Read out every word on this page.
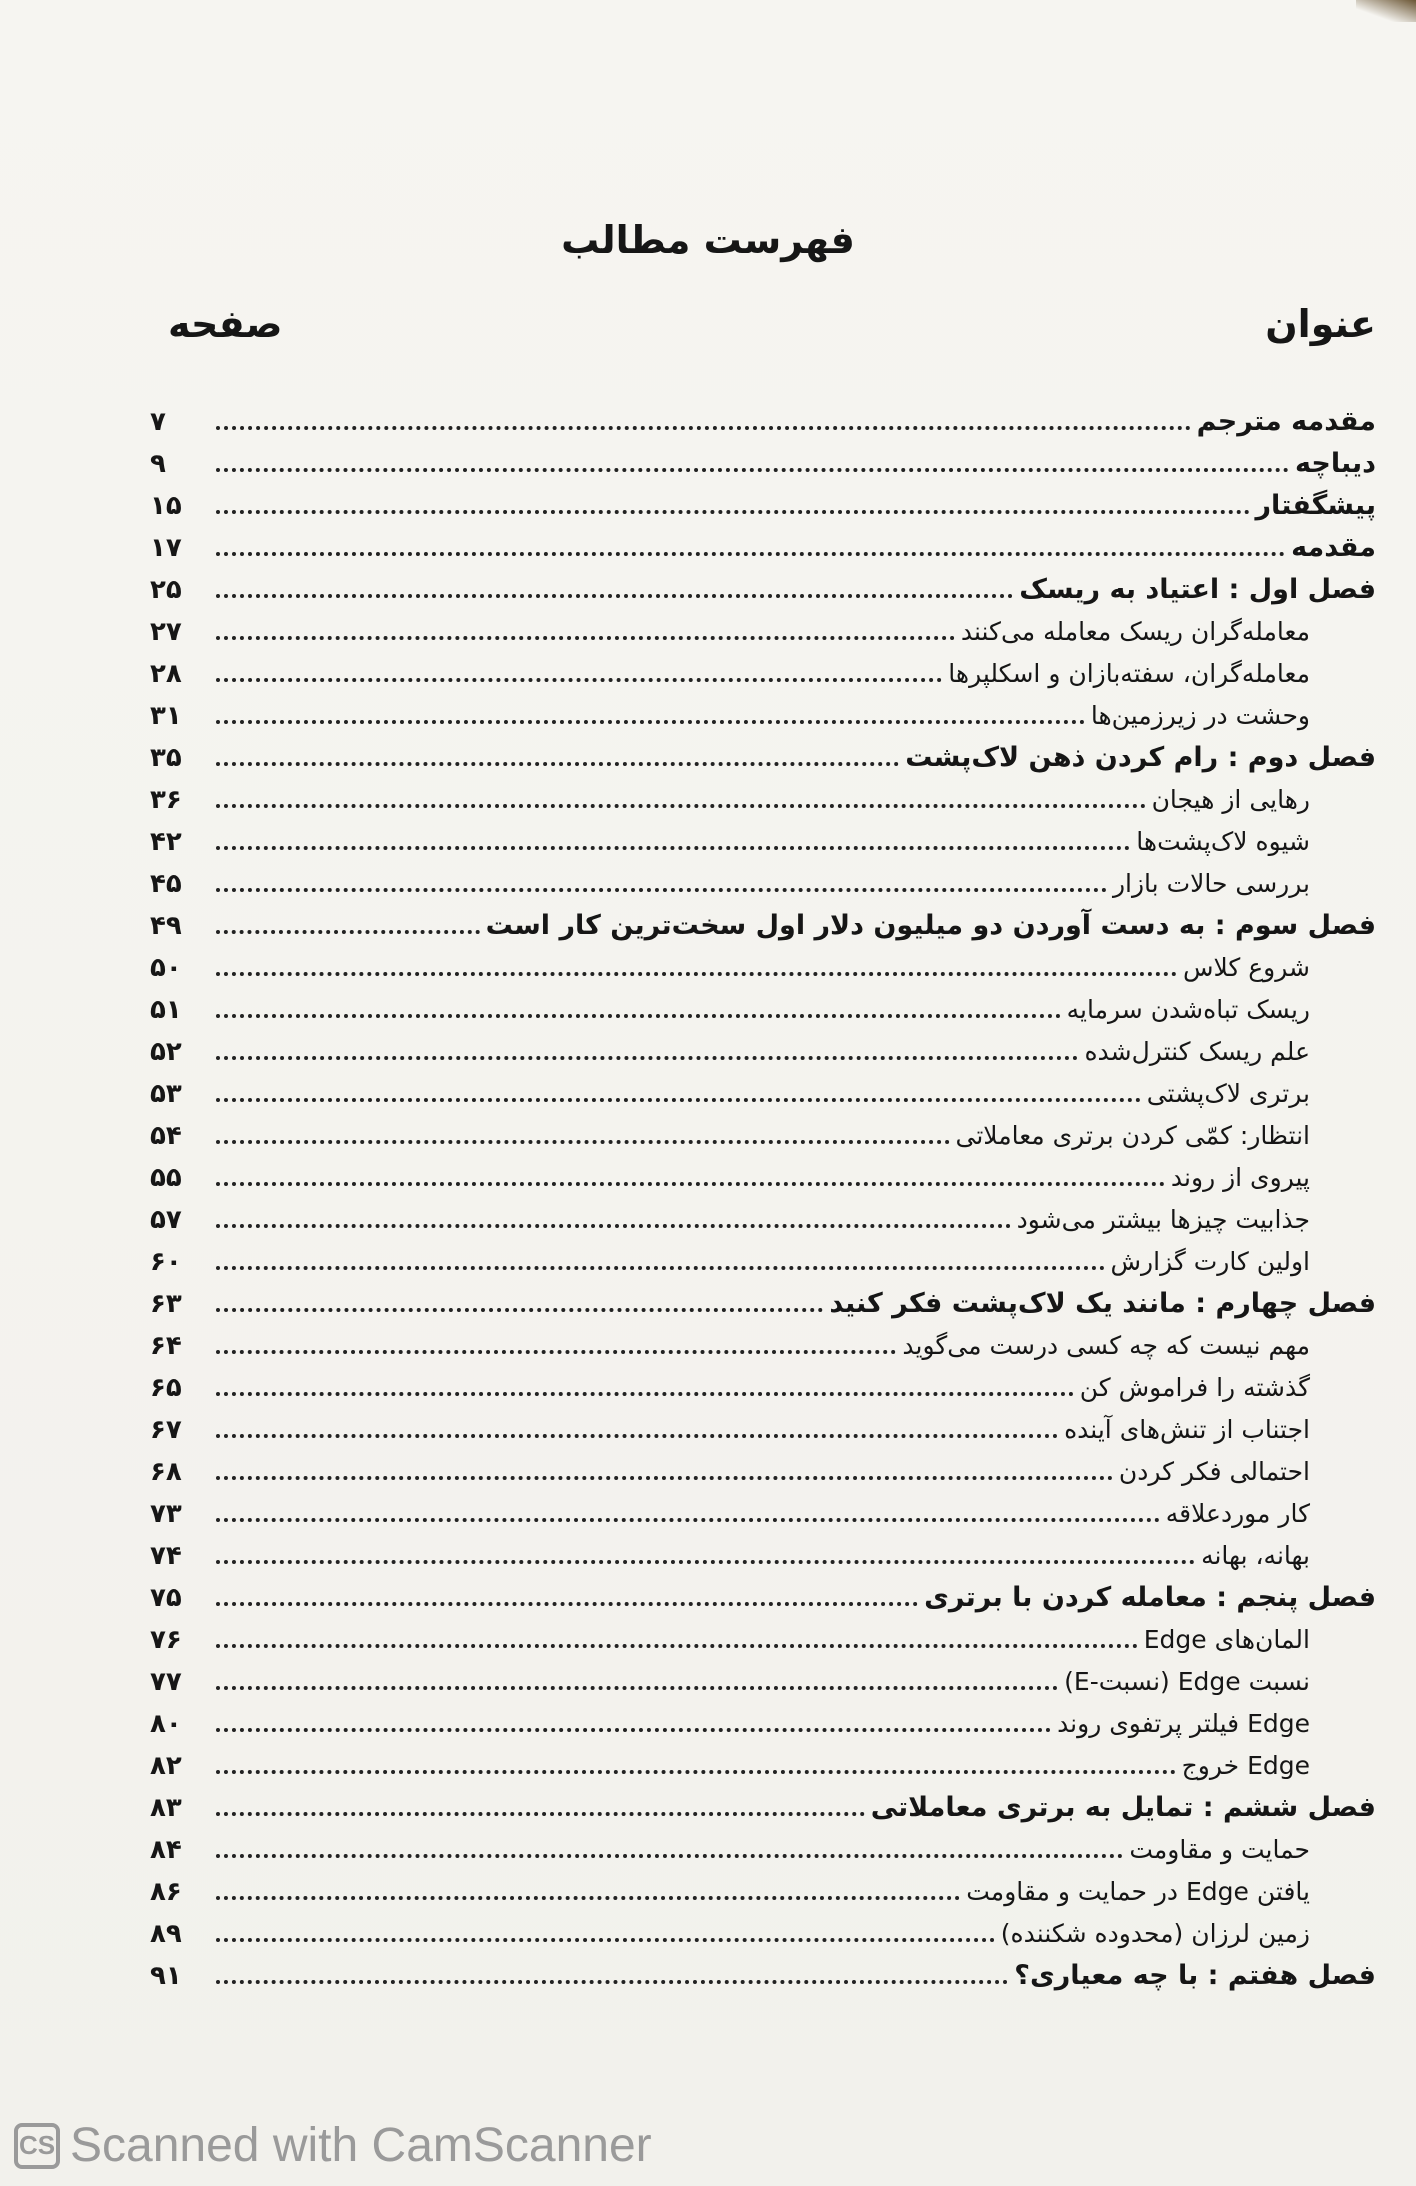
فهرست مطالب
عنوان
صفحه
مقدمه مترجم
۷
دیباچه
۹
پیشگفتار
۱۵
مقدمه
۱۷
فصل اول : اعتیاد به ریسک
۲۵
معامله‌گران ریسک معامله می‌کنند
۲۷
معامله‌گران، سفته‌بازان و اسکلپرها
۲۸
وحشت در زیرزمین‌ها
۳۱
فصل دوم : رام کردن ذهن لاک‌پشت
۳۵
رهایی از هیجان
۳۶
شیوه لاک‌پشت‌ها
۴۲
بررسی حالات بازار
۴۵
فصل سوم : به دست آوردن دو میلیون دلار اول سخت‌ترین کار است
۴۹
شروع کلاس
۵۰
ریسک تباه‌شدن سرمایه
۵۱
علم ریسک کنترل‌شده
۵۲
برتری لاک‌پشتی
۵۳
انتظار: کمّی کردن برتری معاملاتی
۵۴
پیروی از روند
۵۵
جذابیت چیزها بیشتر می‌شود
۵۷
اولین کارت گزارش
۶۰
فصل چهارم : مانند یک لاک‌پشت فکر کنید
۶۳
مهم نیست که چه کسی درست می‌گوید
۶۴
گذشته را فراموش کن
۶۵
اجتناب از تنش‌های آینده
۶۷
احتمالی فکر کردن
۶۸
کار موردعلاقه
۷۳
بهانه، بهانه
۷۴
فصل پنجم : معامله کردن با برتری
۷۵
المان‌های Edge
۷۶
نسبت Edge (نسبت-E)
۷۷
Edge فیلتر پرتفوی روند
۸۰
Edge خروج
۸۲
فصل ششم : تمایل به برتری معاملاتی
۸۳
حمایت و مقاومت
۸۴
یافتن Edge در حمایت و مقاومت
۸۶
زمین لرزان (محدوده شکننده)
۸۹
فصل هفتم : با چه معیاری؟
۹۱
CS Scanned with CamScanner
